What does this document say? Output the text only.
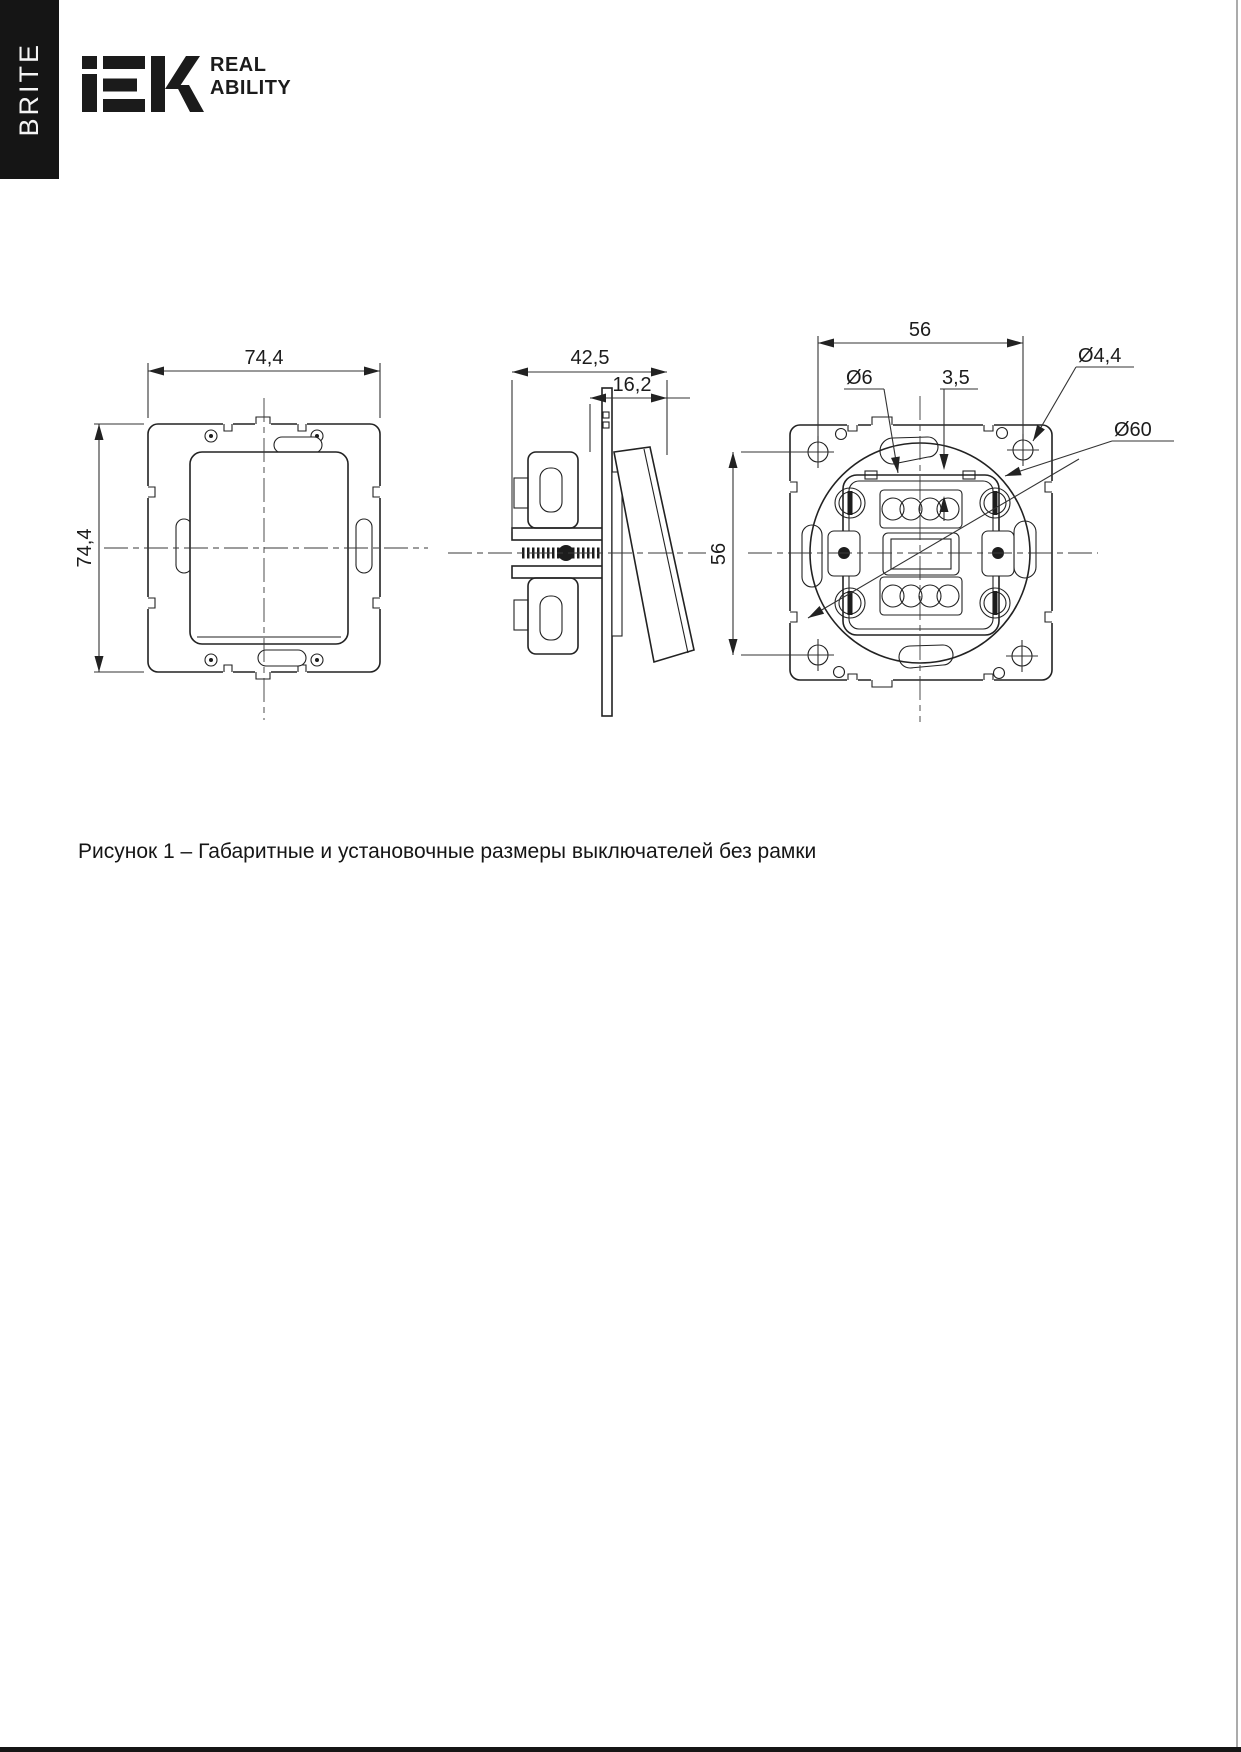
BRITE	REAL
ABILITY
74,4
74,4
42,5
16,2
56
56
Ø6	3,5
Ø4,4
Ø60
Рисунок 1 – Габаритные и установочные размеры выключателей без рамки
